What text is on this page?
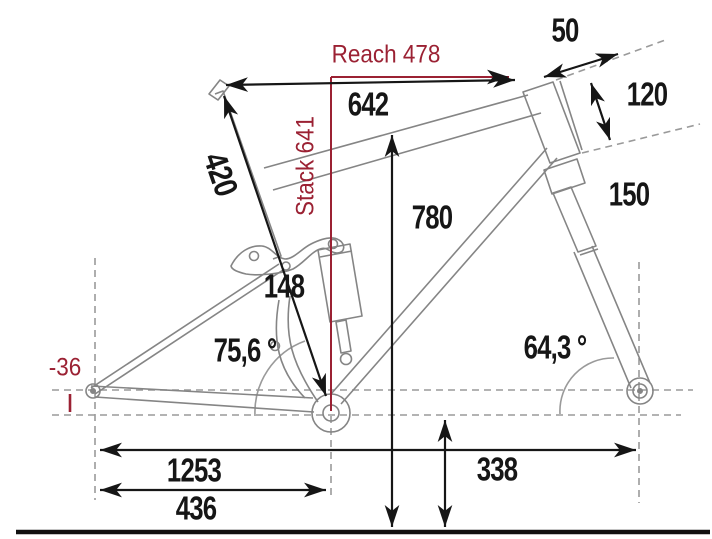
Reach 478
Stack 641
-36
642
50
120
150
780
420
148
75,6 °	64,3 °
1253
436
338
